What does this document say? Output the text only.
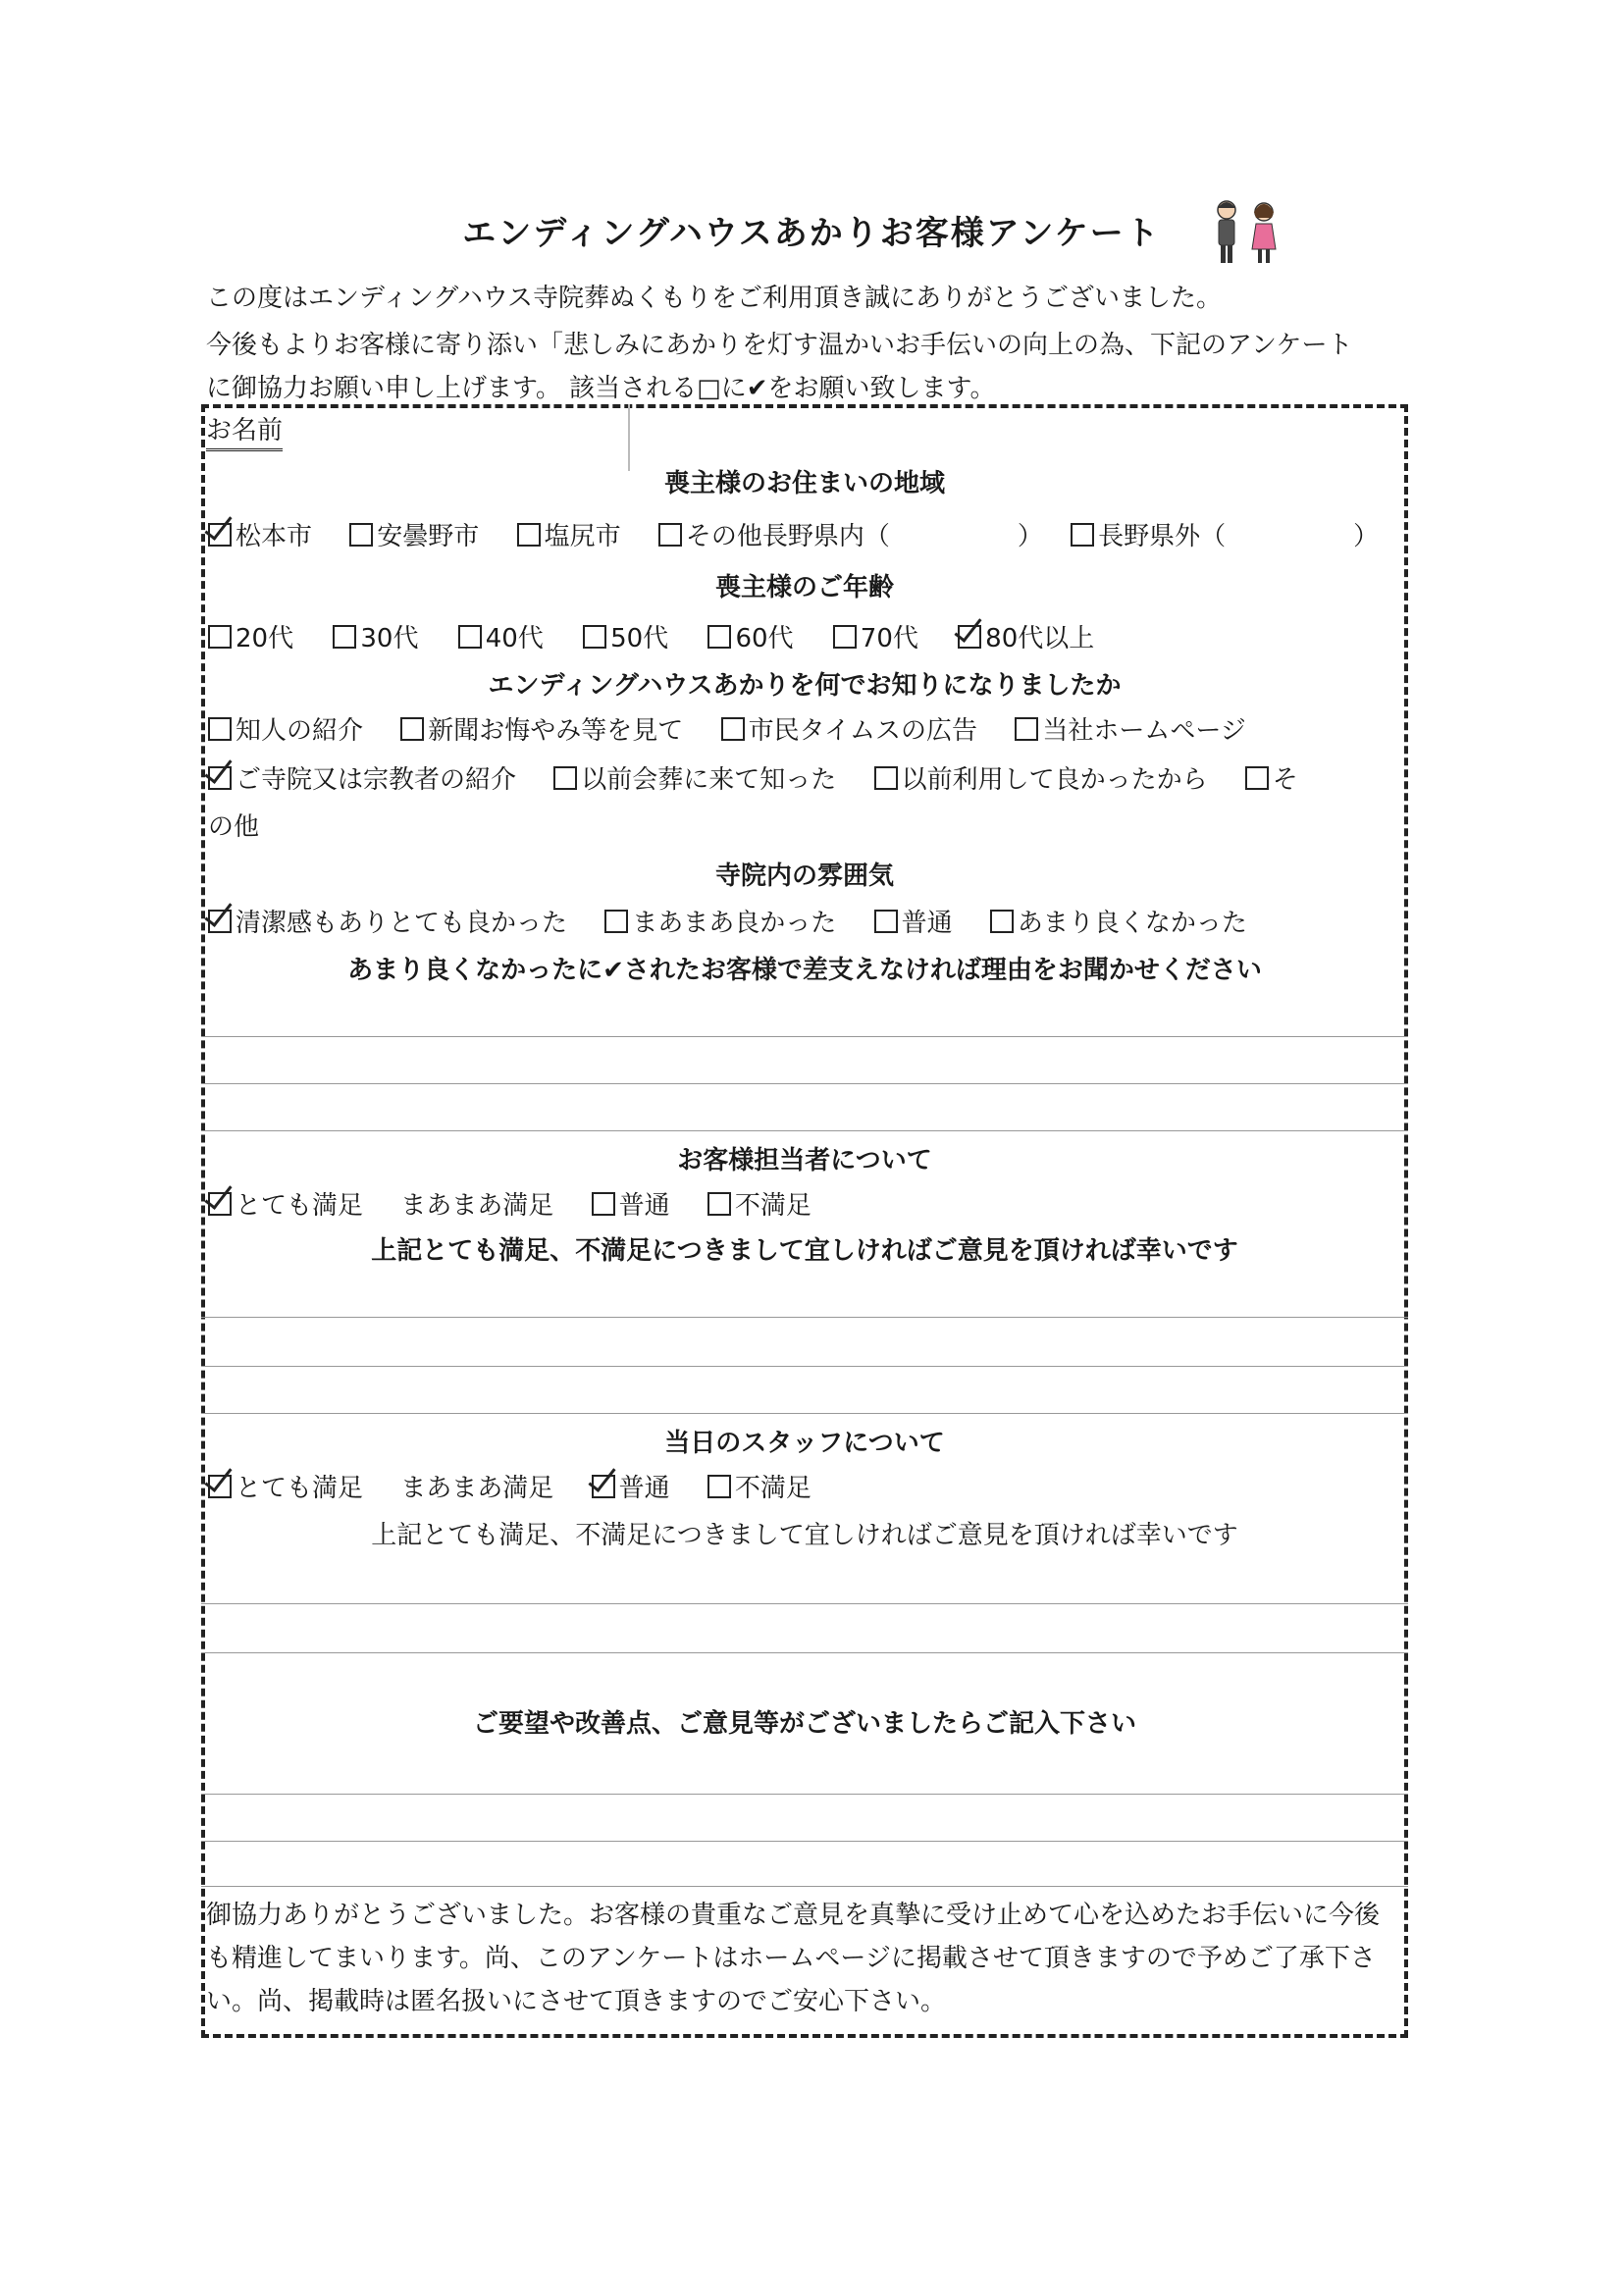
エンディングハウスあかりお客様アンケート
この度はエンディングハウス寺院葬ぬくもりをご利用頂き誠にありがとうございました。
今後もよりお客様に寄り添い「悲しみにあかりを灯す温かいお手伝いの向上の為、下記のアンケート
に御協力お願い申し上げます。 該当される□に✔をお願い致します。
お名前
喪主様のお住まいの地域
松本市	安曇野市	塩尻市	その他長野県内（　　　　　） 長野県外（　　　　　）
喪主様のご年齢
20代	30代	40代	50代	60代	70代	80代以上
エンディングハウスあかりを何でお知りになりましたか
知人の紹介	新聞お悔やみ等を見て	市民タイムスの広告	当社ホームページ
ご寺院又は宗教者の紹介	以前会葬に来て知った	以前利用して良かったから	そ
の他
寺院内の雰囲気
清潔感もありとても良かった	まあまあ良かった	普通	あまり良くなかった
あまり良くなかったに✔されたお客様で差支えなければ理由をお聞かせください
お客様担当者について
とても満足 まあまあ満足	普通	不満足
上記とても満足、不満足につきまして宜しければご意見を頂ければ幸いです
当日のスタッフについて
とても満足 まあまあ満足	普通	不満足
上記とても満足、不満足につきまして宜しければご意見を頂ければ幸いです
ご要望や改善点、ご意見等がございましたらご記入下さい
御協力ありがとうございました。お客様の貴重なご意見を真摯に受け止めて心を込めたお手伝いに今後も精進してまいります。尚、このアンケートはホームページに掲載させて頂きますので予めご了承下さい。尚、掲載時は匿名扱いにさせて頂きますのでご安心下さい。
